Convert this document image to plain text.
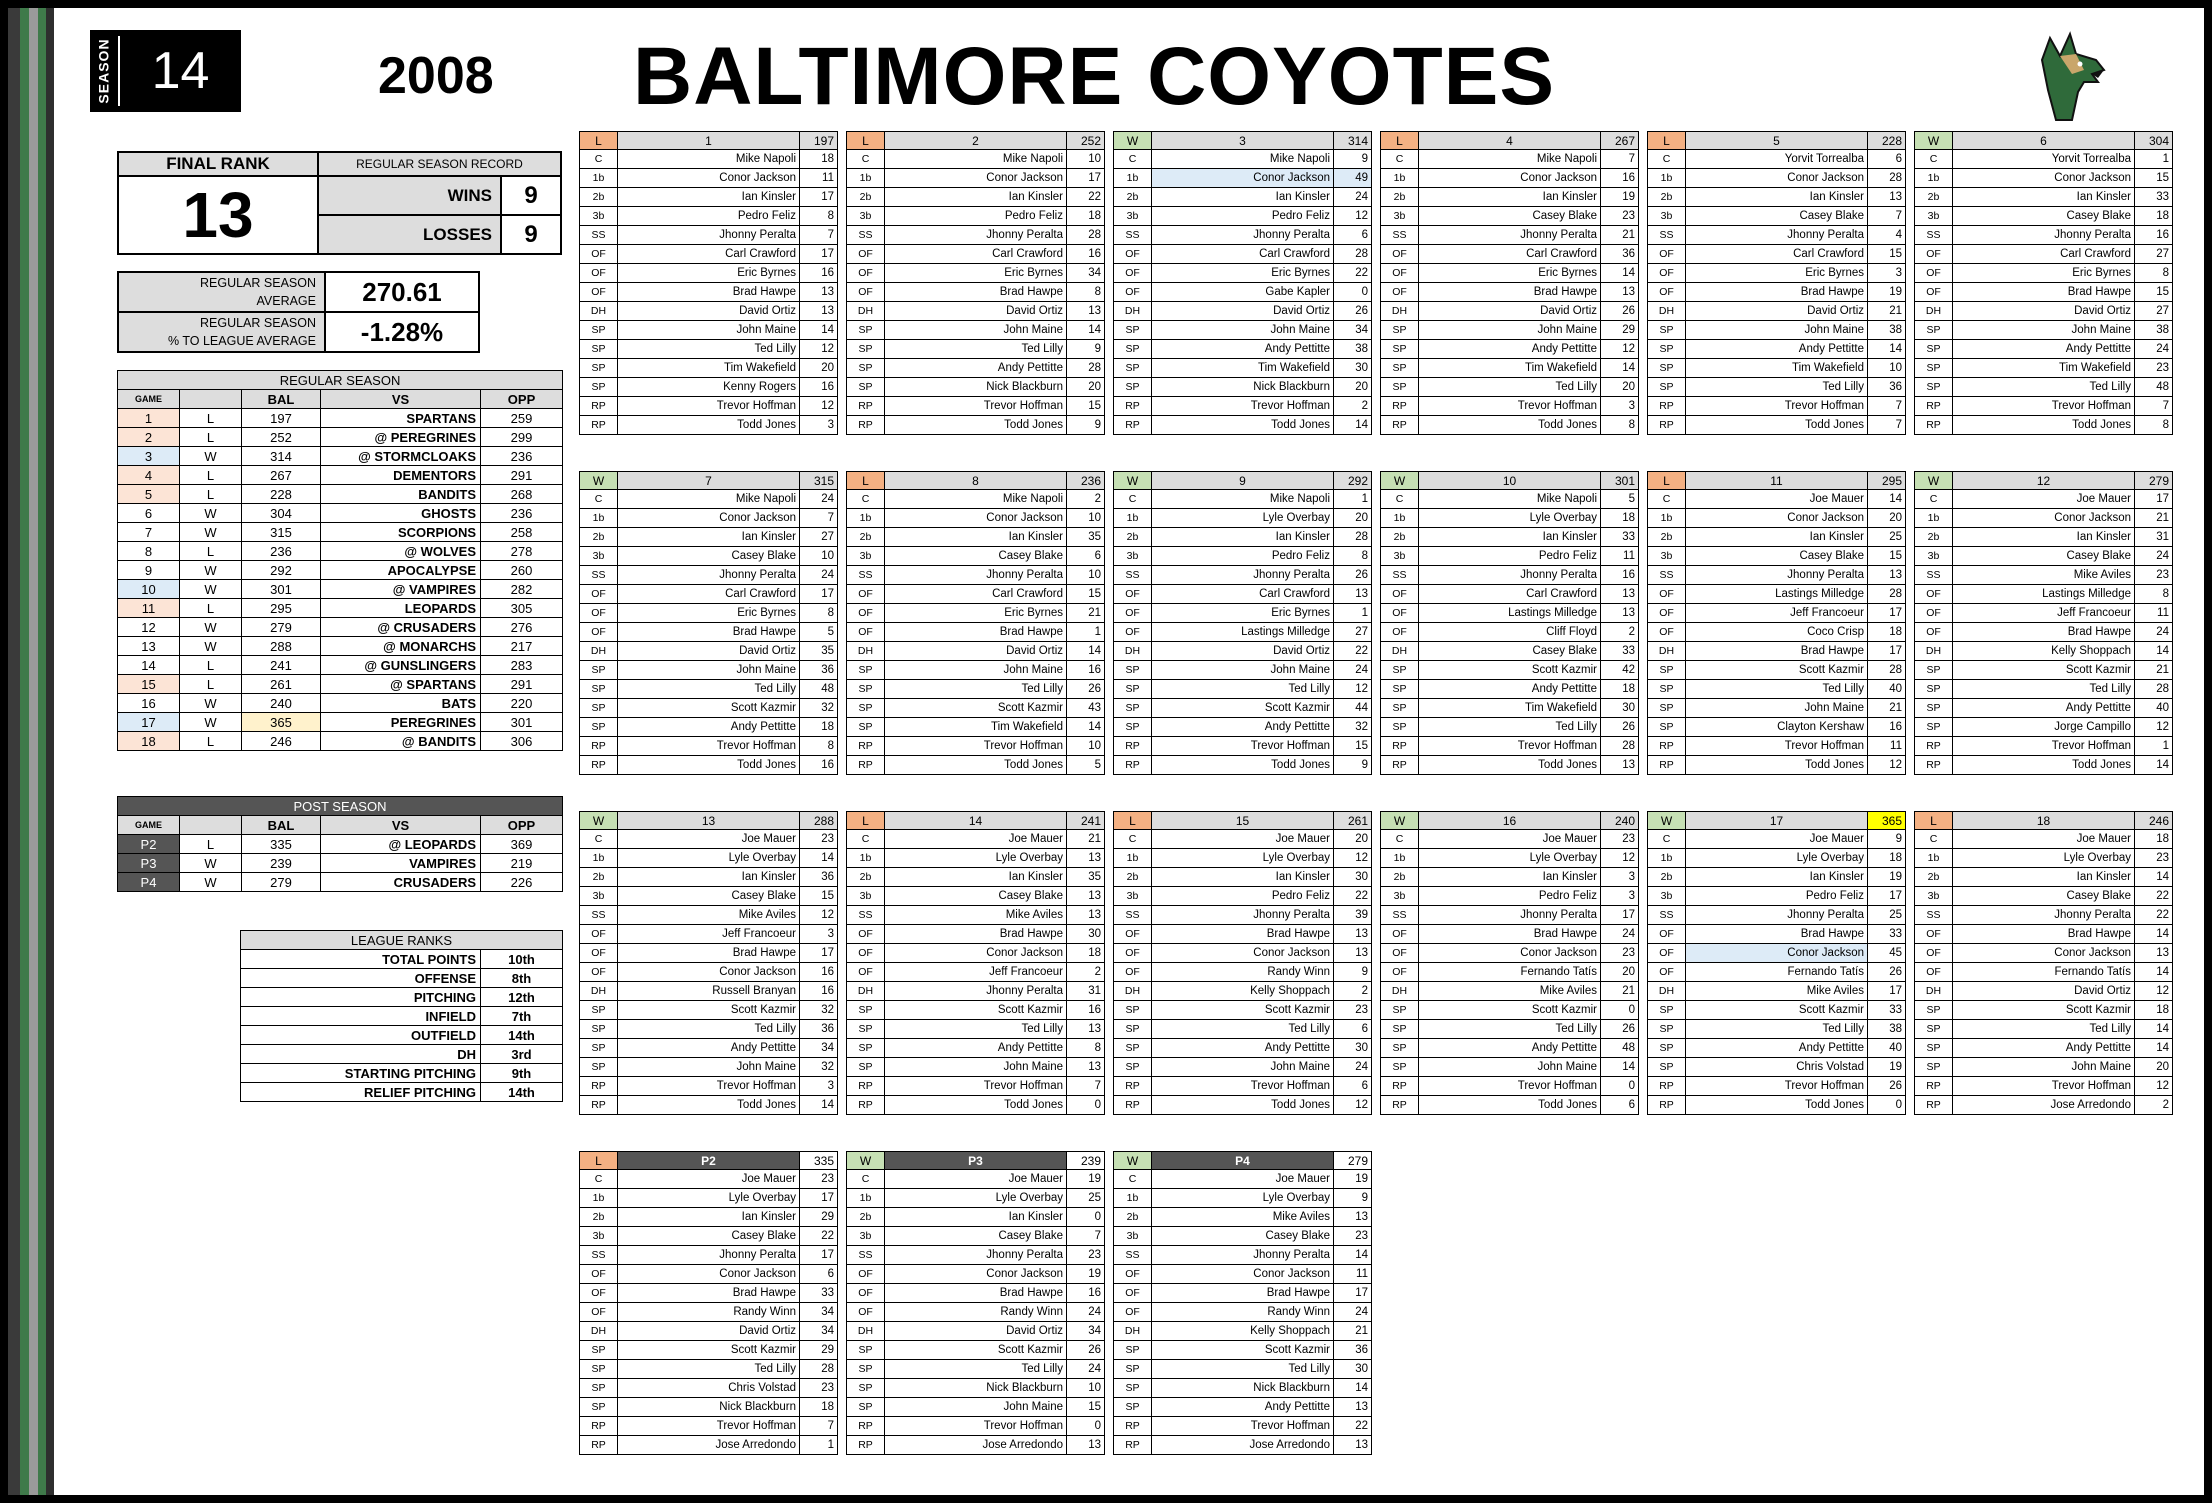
SEASON 14	2008 BALTIMORE COYOTES
FINAL RANK	REGULAR SEASON RECORD	
13	WINS	9
	LOSSES	9
REGULAR SEASON
AVERAGE	270.61
REGULAR SEASON
% TO LEAGUE AVERAGE	-1.28%
REGULAR SEASON				
GAME		BAL	VS	OPP
1	L	197	SPARTANS	259
2	L	252	@ PEREGRINES	299
3	W	314	@ STORMCLOAKS	236
4	L	267	DEMENTORS	291
5	L	228	BANDITS	268
6	W	304	GHOSTS	236
7	W	315	SCORPIONS	258
8	L	236	@ WOLVES	278
9	W	292	APOCALYPSE	260
10	W	301	@ VAMPIRES	282
11	L	295	LEOPARDS	305
12	W	279	@ CRUSADERS	276
13	W	288	@ MONARCHS	217
14	L	241	@ GUNSLINGERS	283
15	L	261	@ SPARTANS	291
16	W	240	BATS	220
17	W	365	PEREGRINES	301
18	L	246	@ BANDITS	306
POST SEASON				
GAME		BAL	VS	OPP
P2	L	335	@ LEOPARDS	369
P3	W	239	VAMPIRES	219
P4	W	279	CRUSADERS	226
LEAGUE RANKS	
TOTAL POINTS	10th
OFFENSE	8th
PITCHING	12th
INFIELD	7th
OUTFIELD	14th
DH	3rd
STARTING PITCHING	9th
RELIEF PITCHING	14th
L	1	197
C	Mike Napoli	18
1b	Conor Jackson	11
2b	Ian Kinsler	17
3b	Pedro Feliz	8
SS	Jhonny Peralta	7
OF	Carl Crawford	17
OF	Eric Byrnes	16
OF	Brad Hawpe	13
DH	David Ortiz	13
SP	John Maine	14
SP	Ted Lilly	12
SP	Tim Wakefield	20
SP	Kenny Rogers	16
RP	Trevor Hoffman	12
RP	Todd Jones	3
L	2	252
C	Mike Napoli	10
1b	Conor Jackson	17
2b	Ian Kinsler	22
3b	Pedro Feliz	18
SS	Jhonny Peralta	28
OF	Carl Crawford	16
OF	Eric Byrnes	34
OF	Brad Hawpe	8
DH	David Ortiz	13
SP	John Maine	14
SP	Ted Lilly	9
SP	Andy Pettitte	28
SP	Nick Blackburn	20
RP	Trevor Hoffman	15
RP	Todd Jones	9
W	3	314
C	Mike Napoli	9
1b	Conor Jackson	49
2b	Ian Kinsler	24
3b	Pedro Feliz	12
SS	Jhonny Peralta	6
OF	Carl Crawford	28
OF	Eric Byrnes	22
OF	Gabe Kapler	0
DH	David Ortiz	26
SP	John Maine	34
SP	Andy Pettitte	38
SP	Tim Wakefield	30
SP	Nick Blackburn	20
RP	Trevor Hoffman	2
RP	Todd Jones	14
L	4	267
C	Mike Napoli	7
1b	Conor Jackson	16
2b	Ian Kinsler	19
3b	Casey Blake	23
SS	Jhonny Peralta	21
OF	Carl Crawford	36
OF	Eric Byrnes	14
OF	Brad Hawpe	13
DH	David Ortiz	26
SP	John Maine	29
SP	Andy Pettitte	12
SP	Tim Wakefield	14
SP	Ted Lilly	20
RP	Trevor Hoffman	3
RP	Todd Jones	8
L	5	228
C	Yorvit Torrealba	6
1b	Conor Jackson	28
2b	Ian Kinsler	13
3b	Casey Blake	7
SS	Jhonny Peralta	4
OF	Carl Crawford	15
OF	Eric Byrnes	3
OF	Brad Hawpe	19
DH	David Ortiz	21
SP	John Maine	38
SP	Andy Pettitte	14
SP	Tim Wakefield	10
SP	Ted Lilly	36
RP	Trevor Hoffman	7
RP	Todd Jones	7
W	6	304
C	Yorvit Torrealba	1
1b	Conor Jackson	15
2b	Ian Kinsler	33
3b	Casey Blake	18
SS	Jhonny Peralta	16
OF	Carl Crawford	27
OF	Eric Byrnes	8
OF	Brad Hawpe	15
DH	David Ortiz	27
SP	John Maine	38
SP	Andy Pettitte	24
SP	Tim Wakefield	23
SP	Ted Lilly	48
RP	Trevor Hoffman	7
RP	Todd Jones	8
W	7	315
C	Mike Napoli	24
1b	Conor Jackson	7
2b	Ian Kinsler	27
3b	Casey Blake	10
SS	Jhonny Peralta	24
OF	Carl Crawford	17
OF	Eric Byrnes	8
OF	Brad Hawpe	5
DH	David Ortiz	35
SP	John Maine	36
SP	Ted Lilly	48
SP	Scott Kazmir	32
SP	Andy Pettitte	18
RP	Trevor Hoffman	8
RP	Todd Jones	16
L	8	236
C	Mike Napoli	2
1b	Conor Jackson	10
2b	Ian Kinsler	35
3b	Casey Blake	6
SS	Jhonny Peralta	10
OF	Carl Crawford	15
OF	Eric Byrnes	21
OF	Brad Hawpe	1
DH	David Ortiz	14
SP	John Maine	16
SP	Ted Lilly	26
SP	Scott Kazmir	43
SP	Tim Wakefield	14
RP	Trevor Hoffman	10
RP	Todd Jones	5
W	9	292
C	Mike Napoli	1
1b	Lyle Overbay	20
2b	Ian Kinsler	28
3b	Pedro Feliz	8
SS	Jhonny Peralta	26
OF	Carl Crawford	13
OF	Eric Byrnes	1
OF	Lastings Milledge	27
DH	David Ortiz	22
SP	John Maine	24
SP	Ted Lilly	12
SP	Scott Kazmir	44
SP	Andy Pettitte	32
RP	Trevor Hoffman	15
RP	Todd Jones	9
W	10	301
C	Mike Napoli	5
1b	Lyle Overbay	18
2b	Ian Kinsler	33
3b	Pedro Feliz	11
SS	Jhonny Peralta	16
OF	Carl Crawford	13
OF	Lastings Milledge	13
OF	Cliff Floyd	2
DH	Casey Blake	33
SP	Scott Kazmir	42
SP	Andy Pettitte	18
SP	Tim Wakefield	30
SP	Ted Lilly	26
RP	Trevor Hoffman	28
RP	Todd Jones	13
L	11	295
C	Joe Mauer	14
1b	Conor Jackson	20
2b	Ian Kinsler	25
3b	Casey Blake	15
SS	Jhonny Peralta	13
OF	Lastings Milledge	28
OF	Jeff Francoeur	17
OF	Coco Crisp	18
DH	Brad Hawpe	17
SP	Scott Kazmir	28
SP	Ted Lilly	40
SP	John Maine	21
SP	Clayton Kershaw	16
RP	Trevor Hoffman	11
RP	Todd Jones	12
W	12	279
C	Joe Mauer	17
1b	Conor Jackson	21
2b	Ian Kinsler	31
3b	Casey Blake	24
SS	Mike Aviles	23
OF	Lastings Milledge	8
OF	Jeff Francoeur	11
OF	Brad Hawpe	24
DH	Kelly Shoppach	14
SP	Scott Kazmir	21
SP	Ted Lilly	28
SP	Andy Pettitte	40
SP	Jorge Campillo	12
RP	Trevor Hoffman	1
RP	Todd Jones	14
W	13	288
C	Joe Mauer	23
1b	Lyle Overbay	14
2b	Ian Kinsler	36
3b	Casey Blake	15
SS	Mike Aviles	12
OF	Jeff Francoeur	3
OF	Brad Hawpe	17
OF	Conor Jackson	16
DH	Russell Branyan	16
SP	Scott Kazmir	32
SP	Ted Lilly	36
SP	Andy Pettitte	34
SP	John Maine	32
RP	Trevor Hoffman	3
RP	Todd Jones	14
L	14	241
C	Joe Mauer	21
1b	Lyle Overbay	13
2b	Ian Kinsler	35
3b	Casey Blake	13
SS	Mike Aviles	13
OF	Brad Hawpe	30
OF	Conor Jackson	18
OF	Jeff Francoeur	2
DH	Jhonny Peralta	31
SP	Scott Kazmir	16
SP	Ted Lilly	13
SP	Andy Pettitte	8
SP	John Maine	13
RP	Trevor Hoffman	7
RP	Todd Jones	0
L	15	261
C	Joe Mauer	20
1b	Lyle Overbay	12
2b	Ian Kinsler	30
3b	Pedro Feliz	22
SS	Jhonny Peralta	39
OF	Brad Hawpe	13
OF	Conor Jackson	13
OF	Randy Winn	9
DH	Kelly Shoppach	2
SP	Scott Kazmir	23
SP	Ted Lilly	6
SP	Andy Pettitte	30
SP	John Maine	24
RP	Trevor Hoffman	6
RP	Todd Jones	12
W	16	240
C	Joe Mauer	23
1b	Lyle Overbay	12
2b	Ian Kinsler	3
3b	Pedro Feliz	3
SS	Jhonny Peralta	17
OF	Brad Hawpe	24
OF	Conor Jackson	23
OF	Fernando Tatís	20
DH	Mike Aviles	21
SP	Scott Kazmir	0
SP	Ted Lilly	26
SP	Andy Pettitte	48
SP	John Maine	14
RP	Trevor Hoffman	0
RP	Todd Jones	6
W	17	365
C	Joe Mauer	9
1b	Lyle Overbay	18
2b	Ian Kinsler	19
3b	Pedro Feliz	17
SS	Jhonny Peralta	25
OF	Brad Hawpe	33
OF	Conor Jackson	45
OF	Fernando Tatís	26
DH	Mike Aviles	17
SP	Scott Kazmir	33
SP	Ted Lilly	38
SP	Andy Pettitte	40
SP	Chris Volstad	19
RP	Trevor Hoffman	26
RP	Todd Jones	0
L	18	246
C	Joe Mauer	18
1b	Lyle Overbay	23
2b	Ian Kinsler	14
3b	Casey Blake	22
SS	Jhonny Peralta	22
OF	Brad Hawpe	14
OF	Conor Jackson	13
OF	Fernando Tatís	14
DH	David Ortiz	12
SP	Scott Kazmir	18
SP	Ted Lilly	14
SP	Andy Pettitte	14
SP	John Maine	20
RP	Trevor Hoffman	12
RP	Jose Arredondo	2
L	P2	335
C	Joe Mauer	23
1b	Lyle Overbay	17
2b	Ian Kinsler	29
3b	Casey Blake	22
SS	Jhonny Peralta	17
OF	Conor Jackson	6
OF	Brad Hawpe	33
OF	Randy Winn	34
DH	David Ortiz	34
SP	Scott Kazmir	29
SP	Ted Lilly	28
SP	Chris Volstad	23
SP	Nick Blackburn	18
RP	Trevor Hoffman	7
RP	Jose Arredondo	1
W	P3	239
C	Joe Mauer	19
1b	Lyle Overbay	25
2b	Ian Kinsler	0
3b	Casey Blake	7
SS	Jhonny Peralta	23
OF	Conor Jackson	19
OF	Brad Hawpe	16
OF	Randy Winn	24
DH	David Ortiz	34
SP	Scott Kazmir	26
SP	Ted Lilly	24
SP	Nick Blackburn	10
SP	John Maine	15
RP	Trevor Hoffman	0
RP	Jose Arredondo	13
W	P4	279
C	Joe Mauer	19
1b	Lyle Overbay	9
2b	Mike Aviles	13
3b	Casey Blake	23
SS	Jhonny Peralta	14
OF	Conor Jackson	11
OF	Brad Hawpe	17
OF	Randy Winn	24
DH	Kelly Shoppach	21
SP	Scott Kazmir	36
SP	Ted Lilly	30
SP	Nick Blackburn	14
SP	Andy Pettitte	13
RP	Trevor Hoffman	22
RP	Jose Arredondo	13
